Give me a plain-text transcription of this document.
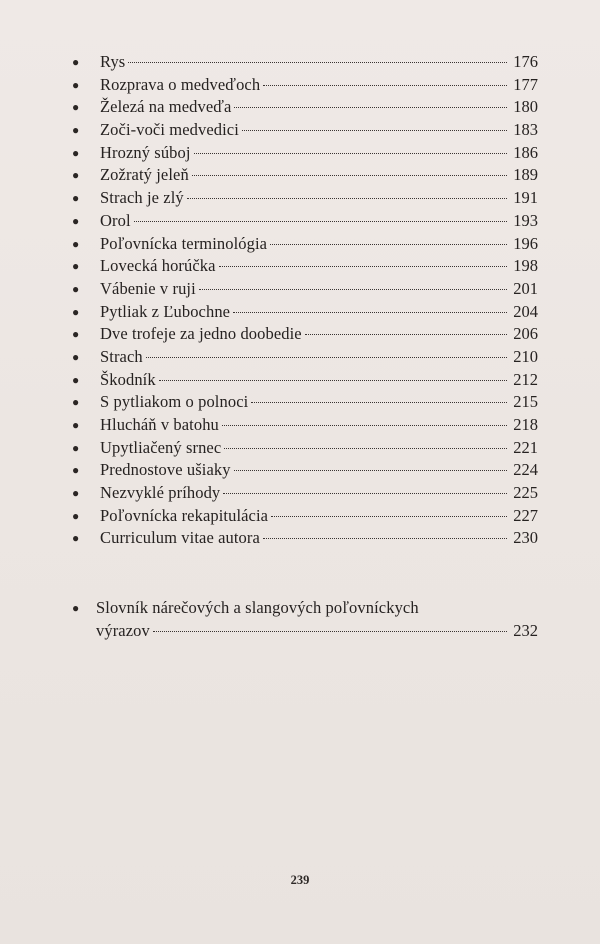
●	Rys	176
●	Rozprava o medveďoch	177
●	Železá na medveďa	180
●	Zoči-voči medvedici	183
●	Hrozný súboj	186
●	Zožratý jeleň	189
●	Strach je zlý	191
●	Orol	193
●	Poľovnícka terminológia	196
●	Lovecká horúčka	198
●	Vábenie v ruji	201
●	Pytliak z Ľubochne	204
●	Dve trofeje za jedno doobedie	206
●	Strach	210
●	Škodník	212
●	S pytliakom o polnoci	215
●	Hlucháň v batohu	218
●	Upytliačený srnec	221
●	Prednostove ušiaky	224
●	Nezvyklé príhody	225
●	Poľovnícka rekapitulácia	227
●	Curriculum vitae autora	230
●	Slovník nárečových a slangových poľovníckych
výrazov	232
239
